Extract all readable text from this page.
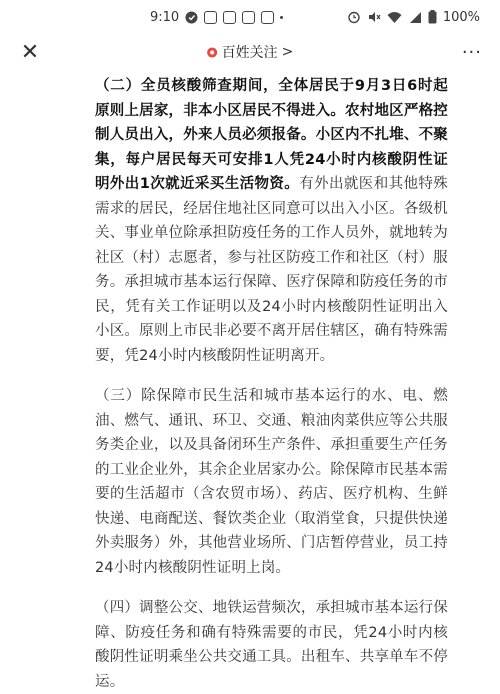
9:10	100%
✕	百姓关注 >	···

（二）全员核酸筛查期间，全体居民于9月3日6时起原则上居家，非本小区居民不得进入。农村地区严格控制人员出入，外来人员必须报备。小区内不扎堆、不聚集，每户居民每天可安排1人凭24小时内核酸阴性证明外出1次就近采买生活物资。有外出就医和其他特殊需求的居民，经居住地社区同意可以出入小区。各级机关、事业单位除承担防疫任务的工作人员外，就地转为社区（村）志愿者，参与社区防疫工作和社区（村）服务。承担城市基本运行保障、医疗保障和防疫任务的市民，凭有关工作证明以及24小时内核酸阴性证明出入小区。原则上市民非必要不离开居住辖区，确有特殊需要，凭24小时内核酸阴性证明离开。

（三）除保障市民生活和城市基本运行的水、电、燃油、燃气、通讯、环卫、交通、粮油肉菜供应等公共服务类企业，以及具备闭环生产条件、承担重要生产任务的工业企业外，其余企业居家办公。除保障市民基本需要的生活超市（含农贸市场）、药店、医疗机构、生鲜快递、电商配送、餐饮类企业（取消堂食，只提供快递外卖服务）外，其他营业场所、门店暂停营业，员工持24小时内核酸阴性证明上岗。

（四）调整公交、地铁运营频次，承担城市基本运行保障、防疫任务和确有特殊需要的市民，凭24小时内核酸阴性证明乘坐公共交通工具。出租车、共享单车不停运。
